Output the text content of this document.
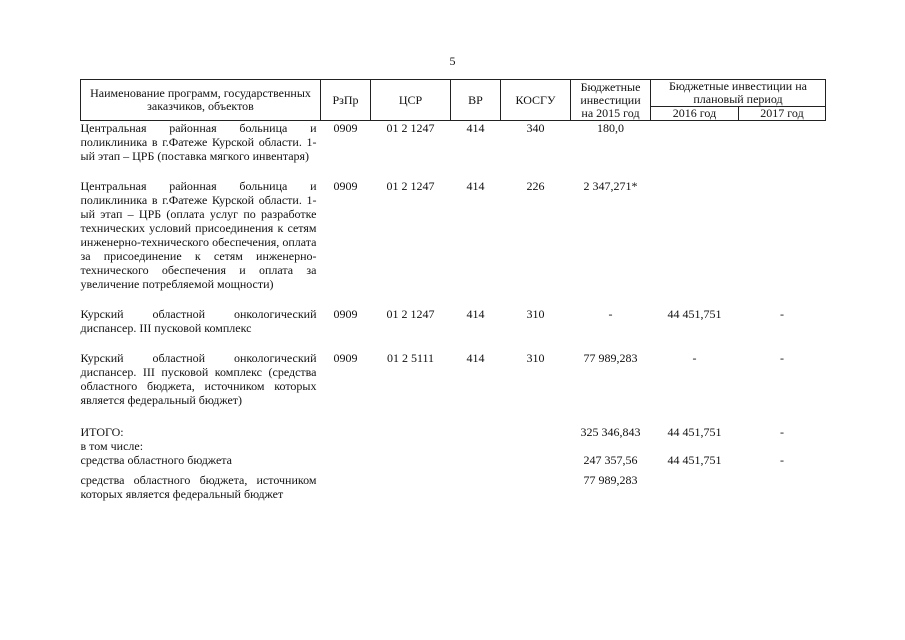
5
Наименование программ, государственных заказчиков, объектов	РзПр	ЦСР	ВР	КОСГУ	Бюджетные инвестиции на 2015 год	Бюджетные инвестиции на плановый период	
						2016 год	2017 год
Центральная районная больница и поликлиника в г.Фатеже Курской области. 1-ый этап – ЦРБ (поставка мягкого инвентаря)	0909	01 2 1247	414	340	180,0		

Центральная районная больница и поликлиника в г.Фатеже Курской области. 1-ый этап – ЦРБ (оплата услуг по разработке технических условий присоединения к сетям инженерно-технического обеспечения, оплата за присоединение к сетям инженерно-технического обеспечения и оплата за увеличение потребляемой мощности)	0909	01 2 1247	414	226	2 347,271*		

Курский областной онкологический диспансер. III пусковой комплекс	0909	01 2 1247	414	310	-	44 451,751	-

Курский областной онкологический диспансер. III пусковой комплекс (средства областного бюджета, источником которых является федеральный бюджет)	0909	01 2 5111	414	310	77 989,283	-	-

ИТОГО:					325 346,843	44 451,751	-
в том числе:							
средства областного бюджета					247 357,56	44 451,751	-

средства областного бюджета, источником которых является федеральный бюджет					77 989,283		
